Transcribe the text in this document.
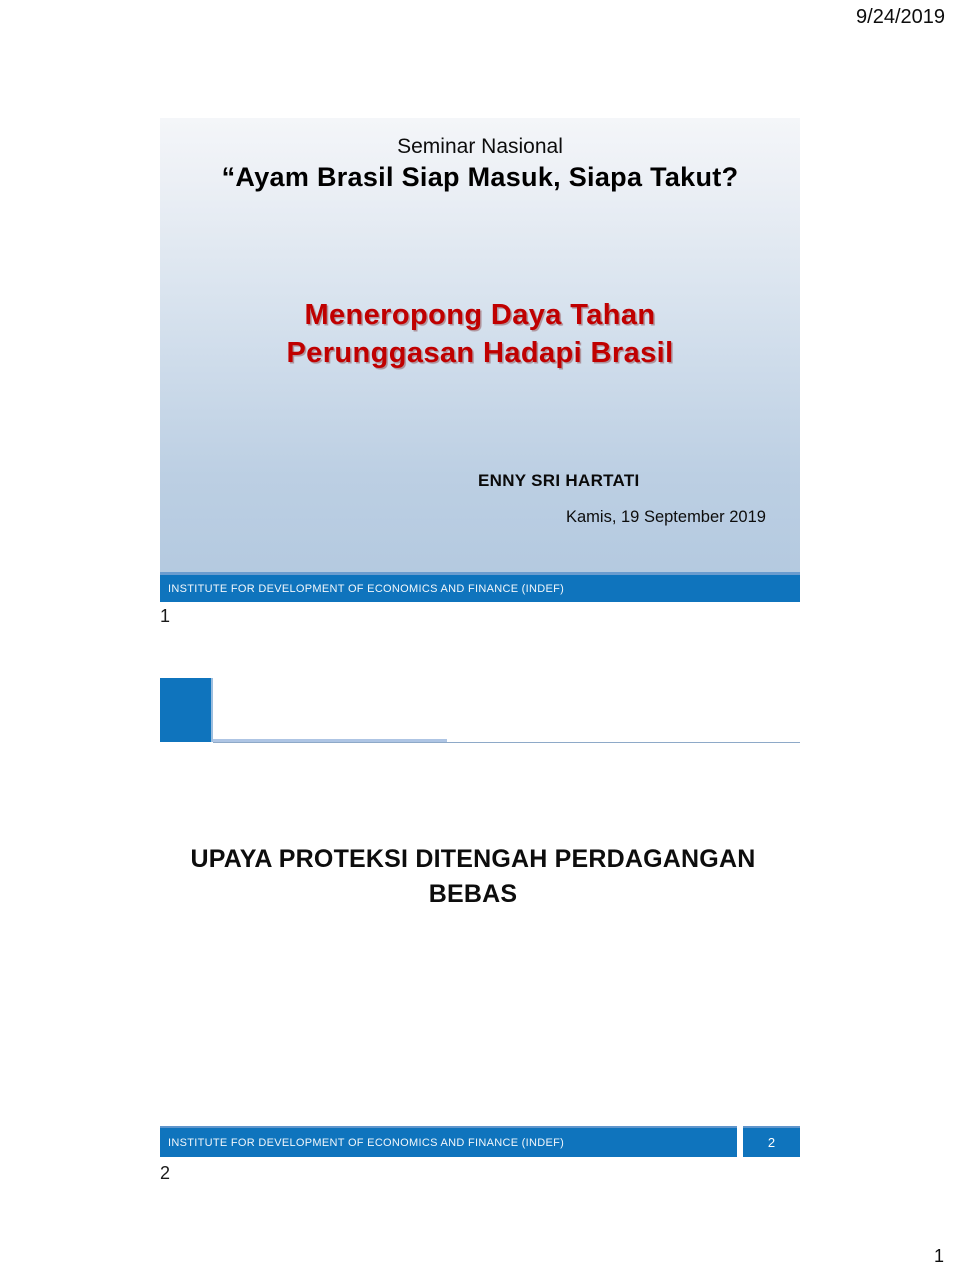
9/24/2019
Seminar Nasional
“Ayam Brasil Siap Masuk, Siapa Takut?
Meneropong Daya Tahan
Perunggasan Hadapi Brasil
ENNY SRI HARTATI
Kamis, 19 September 2019
INSTITUTE FOR DEVELOPMENT OF ECONOMICS AND FINANCE (INDEF)
1
UPAYA PROTEKSI DITENGAH PERDAGANGAN
BEBAS
INSTITUTE FOR DEVELOPMENT OF ECONOMICS AND FINANCE (INDEF)	2
2
1
